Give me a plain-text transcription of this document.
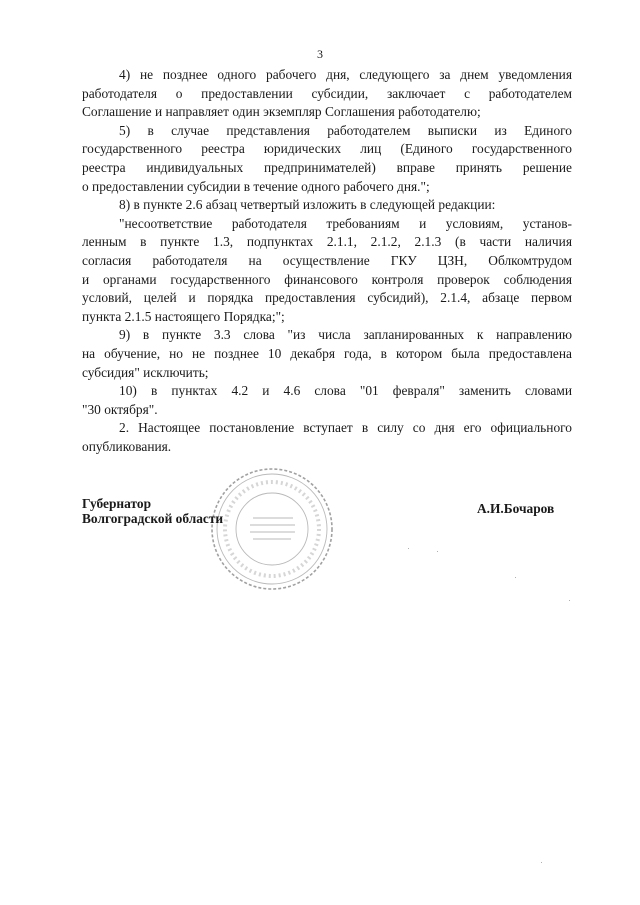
3
4) не позднее одного рабочего дня, следующего за днем уведомления
работодателя о предоставлении субсидии, заключает с работодателем
Соглашение и направляет один экземпляр Соглашения работодателю;
5) в случае представления работодателем выписки из Единого
государственного реестра юридических лиц (Единого государственного
реестра индивидуальных предпринимателей) вправе принять решение
о предоставлении субсидии в течение одного рабочего дня.";
8) в пункте 2.6 абзац четвертый изложить в следующей редакции:
"несоответствие работодателя требованиям и условиям, установ-
ленным в пункте 1.3, подпунктах 2.1.1, 2.1.2, 2.1.3 (в части наличия
согласия работодателя на осуществление ГКУ ЦЗН, Облкомтрудом
и органами государственного финансового контроля проверок соблюдения
условий, целей и порядка предоставления субсидий), 2.1.4, абзаце первом
пункта 2.1.5 настоящего Порядка;";
9) в пункте 3.3 слова "из числа запланированных к направлению
на обучение, но не позднее 10 декабря года, в котором была предоставлена
субсидия" исключить;
10) в пунктах 4.2 и 4.6 слова "01 февраля" заменить словами
"30 октября".
2. Настоящее постановление вступает в силу со дня его официального
опубликования.
Губернатор
Волгоградской области
А.И.Бочаров
